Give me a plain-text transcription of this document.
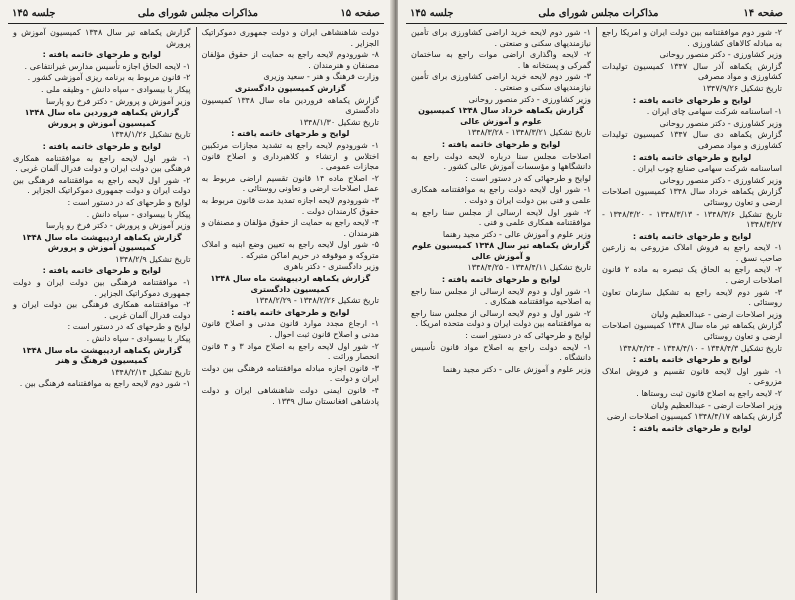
صفحه ۱۵
مذاکرات مجلس شورای ملی
جلسه ۱۴۵

دولت شاهنشاهی ایران و دولت جمهوری دموکراتیک الجزایر .

۸- شورودوم لایحه راجع به حمایت از حقوق مؤلفان مصنفان و هنرمندان .

وزارت فرهنگ و هنر - سعید وزیری

گزارش کمیسیون دادگستری

گزارش یکماهه فروردین ماه سال ۱۳۴۸ کمیسیون دادگستری

تاریخ تشکیل ۱۳۴۸/۱/۳۰

لوایح و طرحهای خاتمه یافته :

۱- شورودوم لایحه راجع به تشدید مجازات مرتکبین اختلاس و ارتشاء و کلاهبرداری و اصلاح قانون مجازات عمومی .

۲- اصلاح ماده ۱۴ قانون تقسیم اراضی مربوط به عمل اصلاحات ارضی و تعاونی روستائی .

۳- شورودوم لایحه اجازه تمدید مدت قانون مربوط به حقوق کارمندان دولت .

۴- لایحه راجع به حمایت از حقوق مؤلفان و مصنفان و هنرمندان .

۵- شور اول لایحه راجع به تعیین وضع ابنیه و املاک متروکه و موقوفه در حریم اماکن متبرکه .

وزیر دادگستری - دکتر باهری

گزارش یکماهه اردیبهشت ماه سال ۱۳۴۸ کمیسیون دادگستری

تاریخ تشکیل ۱۳۴۸/۲/۲۶ - ۱۳۴۸/۲/۲۹

لوایح و طرحهای خاتمه یافته :

۱- ارجاع مجدد موارد قانون مدنی و اصلاح قانون مدنی و اصلاح قانون ثبت احوال .

۲- شور اول لایحه راجع به اصلاح مواد ۳ و ۴ قانون انحصار وراثت .

۳- قانون اجازه مبادله موافقتنامه فرهنگی بین دولت ایران و دولت .

۴- قانون ایمنی دولت شاهنشاهی ایران و دولت پادشاهی افغانستان سال ۱۳۳۹ .

گزارش یکماهه تیر سال ۱۳۴۸ کمیسیون آموزش و پرورش

لوایح و طرحهای خاتمه یافته :

۱- لایحه الحاق اجازه تأسیس مدارس غیرانتفاعی .

۲- قانون مربوط به برنامه ریزی آموزشی کشور .

پیکار با بیسوادی - سپاه دانش - وظیفه ملی .

وزیر آموزش و پرورش - دکتر فرخ رو پارسا

گزارش یکماهه فروردین ماه سال ۱۳۴۸ کمیسیون آموزش و پرورش

تاریخ تشکیل ۱۳۴۸/۱/۲۶

لوایح و طرحهای خاتمه یافته :

۱- شور اول لایحه راجع به موافقتنامه همکاری فرهنگی بین دولت ایران و دولت فدرال آلمان غربی .

۲- شور اول لایحه راجع به موافقتنامه فرهنگی بین دولت ایران و دولت جمهوری دموکراتیک الجزایر .

لوایح و طرحهای که در دستور است :

پیکار با بیسوادی - سپاه دانش .

وزیر آموزش و پرورش - دکتر فرخ رو پارسا

گزارش یکماهه اردیبهشت ماه سال ۱۳۴۸ کمیسیون آموزش و پرورش

تاریخ تشکیل ۱۳۴۸/۲/۹

لوایح و طرحهای خاتمه یافته :

۱- موافقتنامه فرهنگی بین دولت ایران و دولت جمهوری دموکراتیک الجزایر .

۲- موافقتنامه همکاری فرهنگی بین دولت ایران و دولت فدرال آلمان غربی .

لوایح و طرحهای که در دستور است :

پیکار با بیسوادی - سپاه دانش .

گزارش یکماهه اردیبهشت ماه سال ۱۳۴۸ کمیسیون فرهنگ و هنر

تاریخ تشکیل ۱۳۴۸/۲/۱۴

۱- شور دوم لایحه راجع به موافقتنامه فرهنگی بین .

صفحه ۱۴
مذاکرات مجلس شورای ملی
جلسه ۱۴۵

۲- شور دوم موافقتنامه بین دولت ایران و امریکا راجع به مبادله کالاهای کشاورزی .

وزیر کشاورزی - دکتر منصور روحانی

گزارش یکماهه آذر سال ۱۳۴۷ کمیسیون تولیدات کشاورزی و مواد مصرفی

تاریخ تشکیل ۱۳۴۷/۹/۲۶

لوایح و طرحهای خاتمه یافته :

۱- اساسنامه شرکت سهامی چای ایران .

وزیر کشاورزی - دکتر منصور روحانی

گزارش یکماهه دی سال ۱۳۴۷ کمیسیون تولیدات کشاورزی و مواد مصرفی

لوایح و طرحهای خاتمه یافته :

اساسنامه شرکت سهامی صنایع چوب ایران .

وزیر کشاورزی - دکتر منصور روحانی

گزارش یکماهه خرداد سال ۱۳۴۸ کمیسیون اصلاحات ارضی و تعاون روستائی

تاریخ تشکیل ۱۳۴۸/۳/۶ - ۱۳۴۸/۳/۱۳ - ۱۳۴۸/۳/۲۰ - ۱۳۴۸/۳/۲۷

لوایح و طرحهای خاتمه یافته :

۱- لایحه راجع به فروش املاک مزروعی به زارعین صاحب نسق .

۲- لایحه راجع به الحاق یک تبصره به ماده ۲ قانون اصلاحات ارضی .

۳- شور دوم لایحه راجع به تشکیل سازمان تعاون روستائی .

وزیر اصلاحات ارضی - عبدالعظیم ولیان

گزارش یکماهه تیر ماه سال ۱۳۴۸ کمیسیون اصلاحات ارضی و تعاون روستائی

تاریخ تشکیل ۱۳۴۸/۴/۳ - ۱۳۴۸/۴/۱۰ - ۱۳۴۸/۴/۲۴

لوایح و طرحهای خاتمه یافته :

۱- شور اول لایحه قانون تقسیم و فروش املاک مزروعی .

۲- لایحه راجع به اصلاح قانون ثبت روستاها .

وزیر اصلاحات ارضی - عبدالعظیم ولیان

گزارش یکماهه ۱۳۴۸/۴/۱۷ کمیسیون اصلاحات ارضی

لوایح و طرحهای خاتمه یافته :

۱- شور دوم لایحه خرید اراضی کشاورزی برای تأمین نیازمندیهای سکنی و صنعتی .

۲- لایحه واگذاری اراضی موات راجع به ساختمان گمرکی و پستخانه ها .

۳- شور دوم لایحه خرید اراضی کشاورزی برای تأمین نیازمندیهای سکنی و صنعتی .

وزیر کشاورزی - دکتر منصور روحانی

گزارش یکماهه خرداد سال ۱۳۴۸ کمیسیون علوم و آموزش عالی

تاریخ تشکیل ۱۳۴۸/۳/۲۱ - ۱۳۴۸/۳/۲۸

لوایح و طرحهای خاتمه یافته :

اصلاحات مجلس سنا درباره لایحه دولت راجع به دانشگاهها و مؤسسات آموزش عالی کشور .

لوایح و طرحهائی که در دستور است :

۱- شور اول لایحه دولت راجع به موافقتنامه همکاری علمی و فنی بین دولت ایران و دولت .

۲- شور اول لایحه ارسالی از مجلس سنا راجع به موافقتنامه همکاری علمی و فنی .

وزیر علوم و آموزش عالی - دکتر مجید رهنما

گزارش یکماهه تیر سال ۱۳۴۸ کمیسیون علوم و آموزش عالی

تاریخ تشکیل ۱۳۴۸/۴/۱۱ - ۱۳۴۸/۴/۲۵

لوایح و طرحهای خاتمه یافته :

۱- شور اول و دوم لایحه ارسالی از مجلس سنا راجع به اصلاحیه موافقتنامه همکاری .

۲- شور اول و دوم لایحه ارسالی از مجلس سنا راجع به موافقتنامه بین دولت ایران و دولت متحده امریکا .

لوایح و طرحهائی که در دستور است :

۱- لایحه دولت راجع به اصلاح مواد قانون تأسیس دانشگاه .

وزیر علوم و آموزش عالی - دکتر مجید رهنما
